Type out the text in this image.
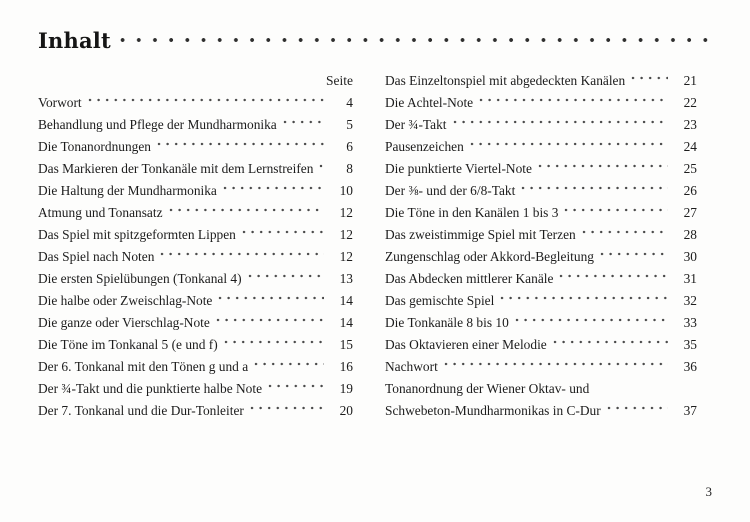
Inhalt
Seite
Vorwort	4
Behandlung und Pflege der Mundharmonika	5
Die Tonanordnungen	6
Das Markieren der Tonkanäle mit dem Lernstreifen	8
Die Haltung der Mundharmonika	10
Atmung und Tonansatz	12
Das Spiel mit spitzgeformten Lippen	12
Das Spiel nach Noten	12
Die ersten Spielübungen (Tonkanal 4)	13
Die halbe oder Zweischlag-Note	14
Die ganze oder Vierschlag-Note	14
Die Töne im Tonkanal 5 (e und f)	15
Der 6. Tonkanal mit den Tönen g und a	16
Der ¾-Takt und die punktierte halbe Note	19
Der 7. Tonkanal und die Dur-Tonleiter	20
Das Einzeltonspiel mit abgedeckten Kanälen	21
Die Achtel-Note	22
Der ¾-Takt	23
Pausenzeichen	24
Die punktierte Viertel-Note	25
Der ⅜- und der 6/8-Takt	26
Die Töne in den Kanälen 1 bis 3	27
Das zweistimmige Spiel mit Terzen	28
Zungenschlag oder Akkord-Begleitung	30
Das Abdecken mittlerer Kanäle	31
Das gemischte Spiel	32
Die Tonkanäle 8 bis 10	33
Das Oktavieren einer Melodie	35
Nachwort	36
Tonanordnung der Wiener Oktav- und
Schwebeton-Mundharmonikas in C-Dur	37
3
